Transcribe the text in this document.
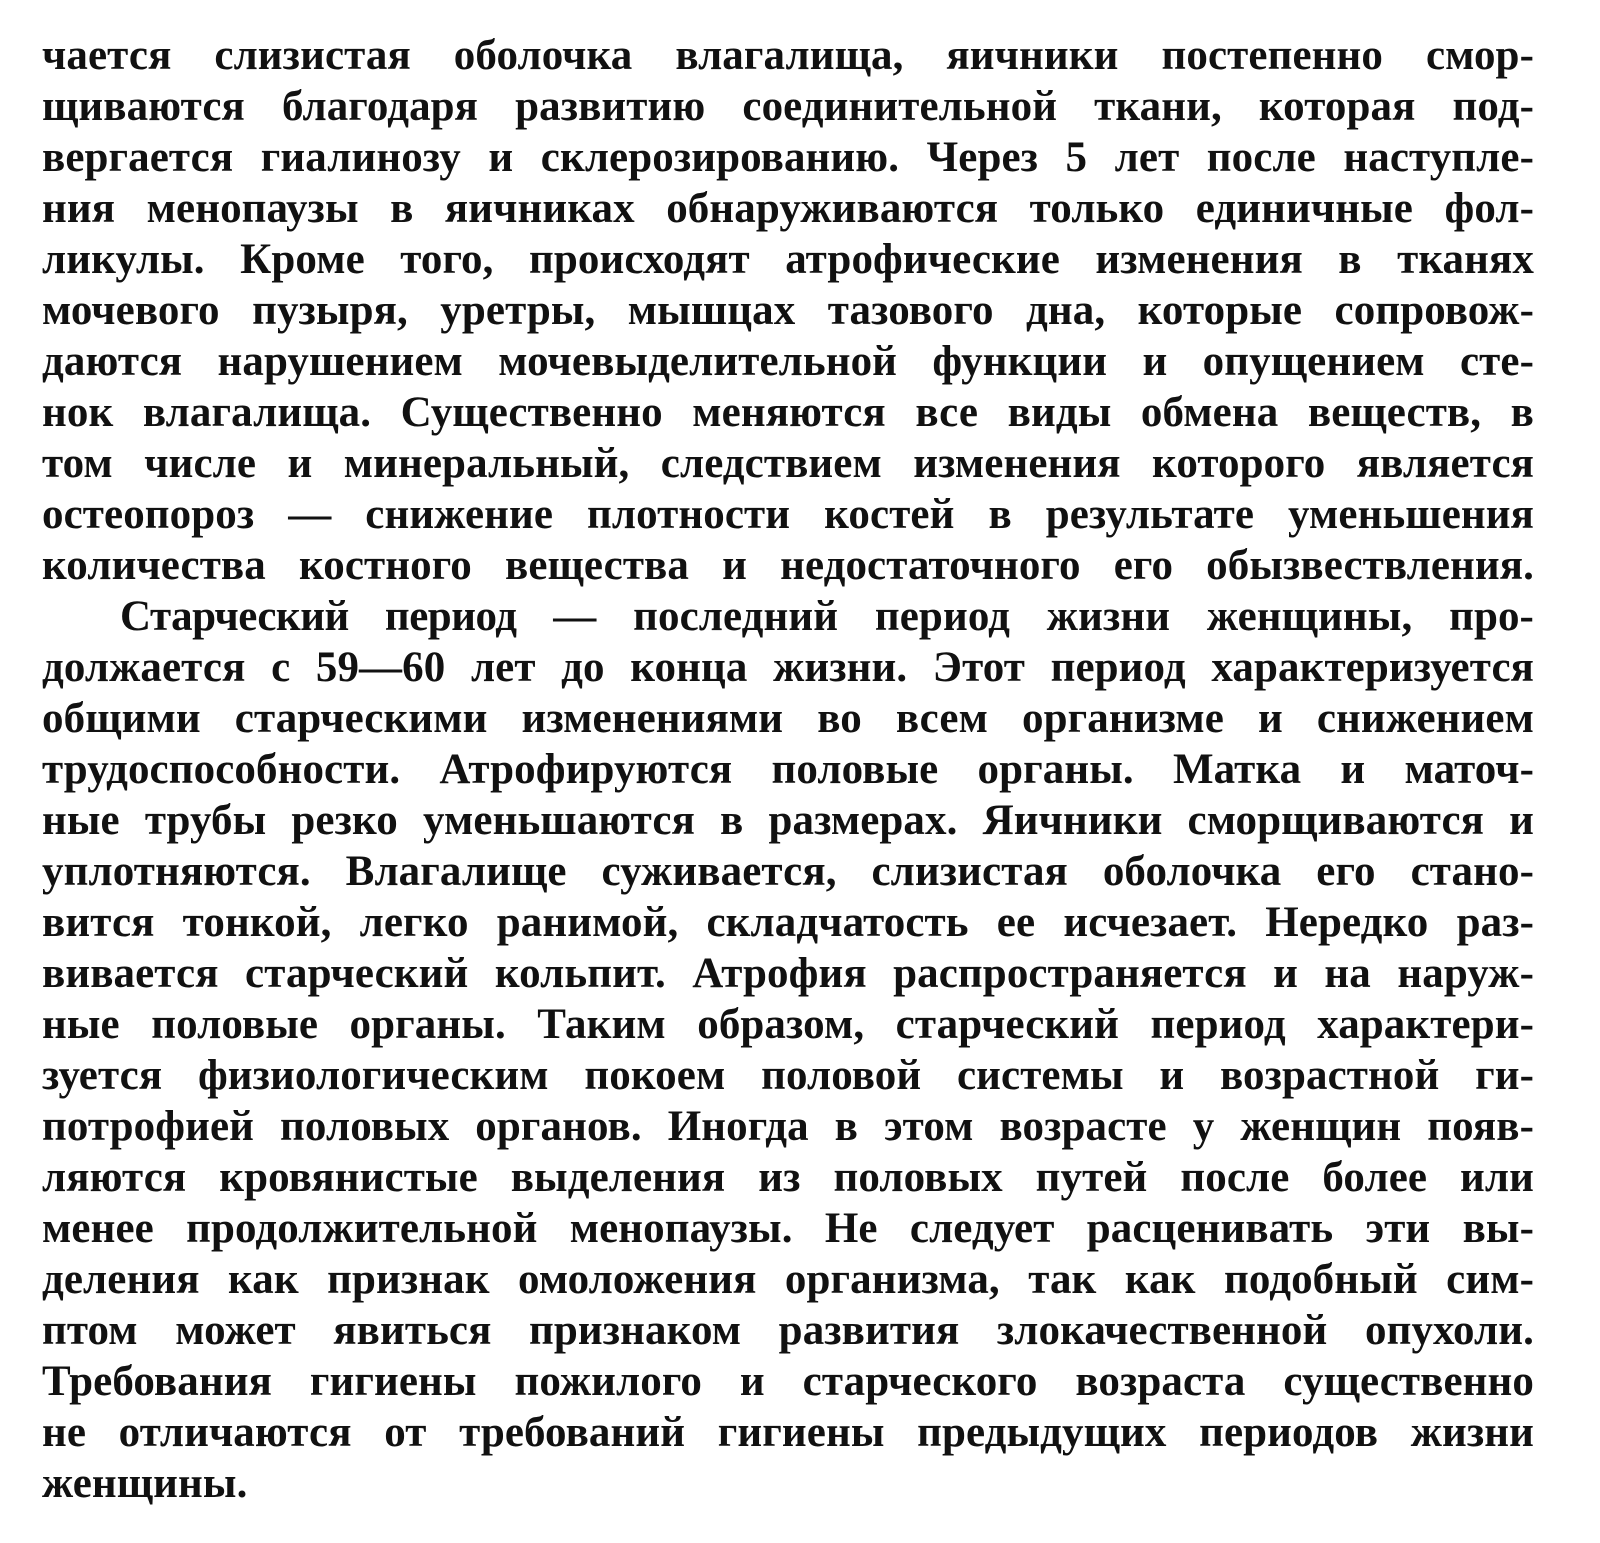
чается слизистая оболочка влагалища, яичники постепенно смор-
щиваются благодаря развитию соединительной ткани, которая под-
вергается гиалинозу и склерозированию. Через 5 лет после наступле-
ния менопаузы в яичниках обнаруживаются только единичные фол-
ликулы. Кроме того, происходят атрофические изменения в тканях
мочевого пузыря, уретры, мышцах тазового дна, которые сопровож-
даются нарушением мочевыделительной функции и опущением сте-
нок влагалища. Существенно меняются все виды обмена веществ, в
том числе и минеральный, следствием изменения которого является
остеопороз — снижение плотности костей в результате уменьшения
количества костного вещества и недостаточного его обызвествления.
Старческий период — последний период жизни женщины, про-
должается с 59—60 лет до конца жизни. Этот период характеризуется
общими старческими изменениями во всем организме и снижением
трудоспособности. Атрофируются половые органы. Матка и маточ-
ные трубы резко уменьшаются в размерах. Яичники сморщиваются и
уплотняются. Влагалище суживается, слизистая оболочка его стано-
вится тонкой, легко ранимой, складчатость ее исчезает. Нередко раз-
вивается старческий кольпит. Атрофия распространяется и на наруж-
ные половые органы. Таким образом, старческий период характери-
зуется физиологическим покоем половой системы и возрастной ги-
потрофией половых органов. Иногда в этом возрасте у женщин появ-
ляются кровянистые выделения из половых путей после более или
менее продолжительной менопаузы. Не следует расценивать эти вы-
деления как признак омоложения организма, так как подобный сим-
птом может явиться признаком развития злокачественной опухоли.
Требования гигиены пожилого и старческого возраста существенно
не отличаются от требований гигиены предыдущих периодов жизни
женщины.
